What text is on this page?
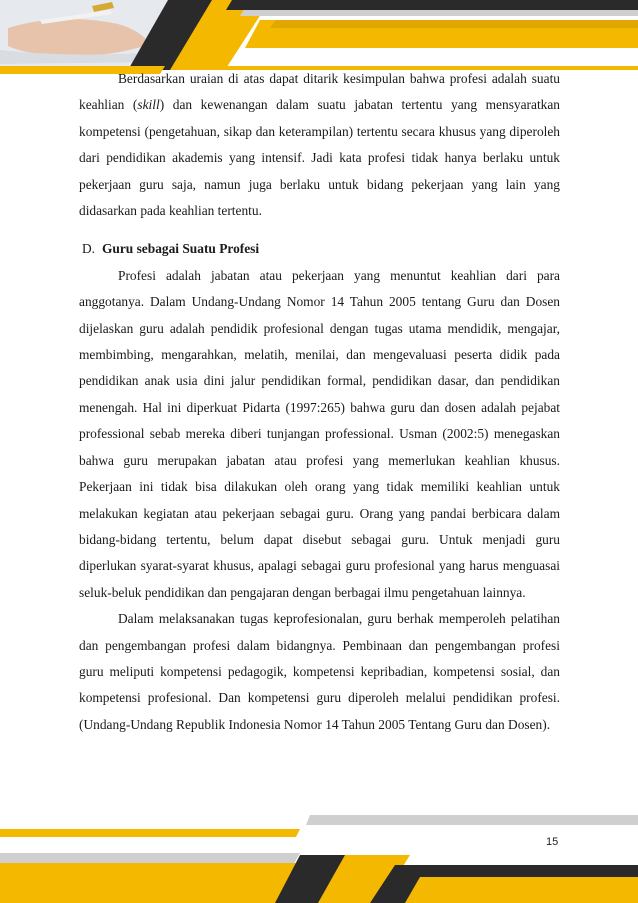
Berdasarkan uraian di atas dapat ditarik kesimpulan bahwa profesi adalah suatu keahlian (skill) dan kewenangan dalam suatu jabatan tertentu yang mensyaratkan kompetensi (pengetahuan, sikap dan keterampilan) tertentu secara khusus yang diperoleh dari pendidikan akademis yang intensif. Jadi kata profesi tidak hanya berlaku untuk pekerjaan guru saja, namun juga berlaku untuk bidang pekerjaan yang lain yang didasarkan pada keahlian tertentu.

D. Guru sebagai Suatu Profesi

Profesi adalah jabatan atau pekerjaan yang menuntut keahlian dari para anggotanya. Dalam Undang-Undang Nomor 14 Tahun 2005 tentang Guru dan Dosen dijelaskan guru adalah pendidik profesional dengan tugas utama mendidik, mengajar, membimbing, mengarahkan, melatih, menilai, dan mengevaluasi peserta didik pada pendidikan anak usia dini jalur pendidikan formal, pendidikan dasar, dan pendidikan menengah. Hal ini diperkuat Pidarta (1997:265) bahwa guru dan dosen adalah pejabat professional sebab mereka diberi tunjangan professional. Usman (2002:5) menegaskan bahwa guru merupakan jabatan atau profesi yang memerlukan keahlian khusus. Pekerjaan ini tidak bisa dilakukan oleh orang yang tidak memiliki keahlian untuk melakukan kegiatan atau pekerjaan sebagai guru. Orang yang pandai berbicara dalam bidang-bidang tertentu, belum dapat disebut sebagai guru. Untuk menjadi guru diperlukan syarat-syarat khusus, apalagi sebagai guru profesional yang harus menguasai seluk-beluk pendidikan dan pengajaran dengan berbagai ilmu pengetahuan lainnya.

Dalam melaksanakan tugas keprofesionalan, guru berhak memperoleh pelatihan dan pengembangan profesi dalam bidangnya. Pembinaan dan pengembangan profesi guru meliputi kompetensi pedagogik, kompetensi kepribadian, kompetensi sosial, dan kompetensi profesional. Dan kompetensi guru diperoleh melalui pendidikan profesi. (Undang-Undang Republik Indonesia Nomor 14 Tahun 2005 Tentang Guru dan Dosen).

15
